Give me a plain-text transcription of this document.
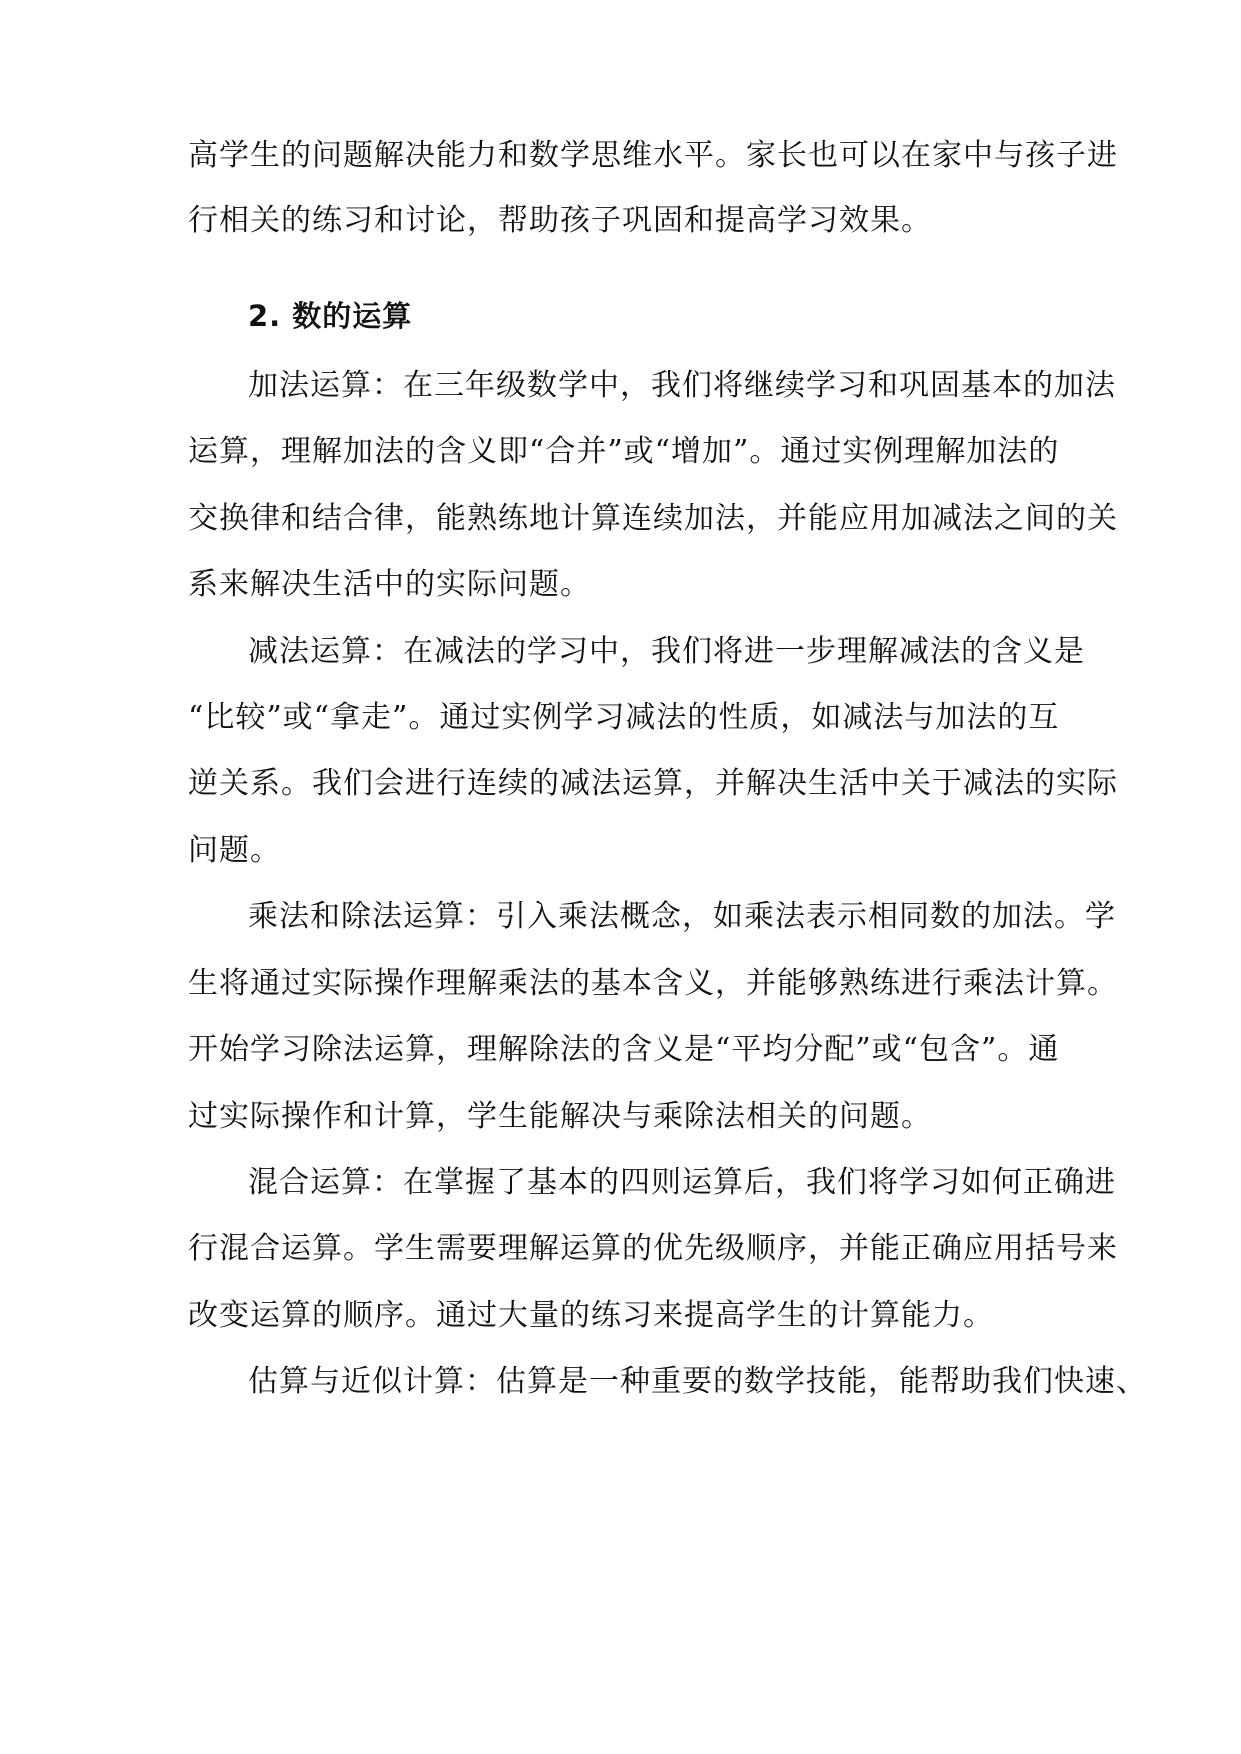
高学生的问题解决能力和数学思维水平。家长也可以在家中与孩子进
行相关的练习和讨论，帮助孩子巩固和提高学习效果。
2. 数的运算
加法运算：在三年级数学中，我们将继续学习和巩固基本的加法
运算，理解加法的含义即“合并”或“增加”。通过实例理解加法的
交换律和结合律，能熟练地计算连续加法，并能应用加减法之间的关
系来解决生活中的实际问题。
减法运算：在减法的学习中，我们将进一步理解减法的含义是
“比较”或“拿走”。通过实例学习减法的性质，如减法与加法的互
逆关系。我们会进行连续的减法运算，并解决生活中关于减法的实际
问题。
乘法和除法运算：引入乘法概念，如乘法表示相同数的加法。学
生将通过实际操作理解乘法的基本含义，并能够熟练进行乘法计算。
开始学习除法运算，理解除法的含义是“平均分配”或“包含”。通
过实际操作和计算，学生能解决与乘除法相关的问题。
混合运算：在掌握了基本的四则运算后，我们将学习如何正确进
行混合运算。学生需要理解运算的优先级顺序，并能正确应用括号来
改变运算的顺序。通过大量的练习来提高学生的计算能力。
估算与近似计算：估算是一种重要的数学技能，能帮助我们快速、
